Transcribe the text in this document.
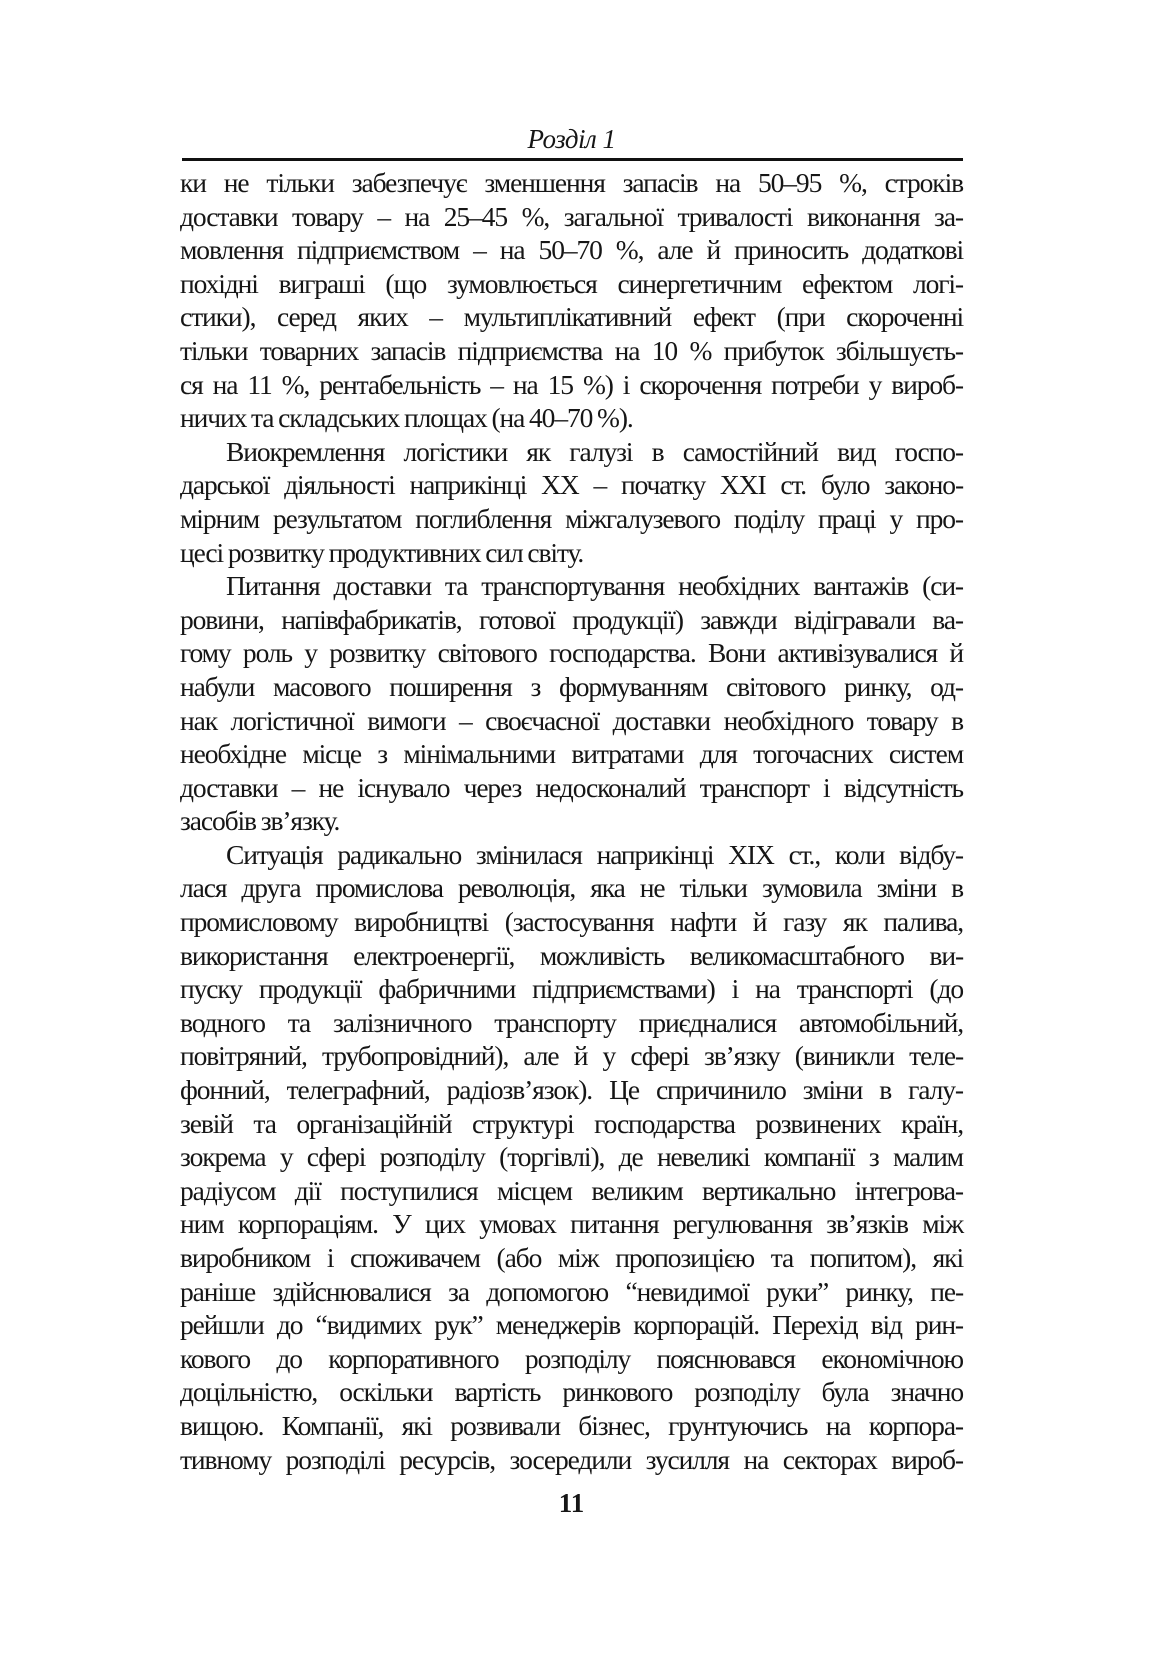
Розділ 1
ки не тільки забезпечує зменшення запасів на 50–95 %, строків
доставки товару – на 25–45 %, загальної тривалості виконання за-
мовлення підприємством – на 50–70 %, але й приносить додаткові
похідні виграші (що зумовлюється синергетичним ефектом логі-
стики), серед яких – мультиплікативний ефект (при скороченні
тільки товарних запасів підприємства на 10 % прибуток збільшуєть-
ся на 11 %, рентабельність – на 15 %) і скорочення потреби у вироб-
ничих та складських площах (на 40–70 %).
Виокремлення логістики як галузі в самостійний вид госпо-
дарської діяльності наприкінці XX – початку XXI ст. було законо-
мірним результатом поглиблення міжгалузевого поділу праці у про-
цесі розвитку продуктивних сил світу.
Питання доставки та транспортування необхідних вантажів (си-
ровини, напівфабрикатів, готової продукції) завжди відігравали ва-
гому роль у розвитку світового господарства. Вони активізувалися й
набули масового поширення з формуванням світового ринку, од-
нак логістичної вимоги – своєчасної доставки необхідного товару в
необхідне місце з мінімальними витратами для тогочасних систем
доставки – не існувало через недосконалий транспорт і відсутність
засобів зв’язку.
Ситуація радикально змінилася наприкінці XIX ст., коли відбу-
лася друга промислова революція, яка не тільки зумовила зміни в
промисловому виробництві (застосування нафти й газу як палива,
використання електроенергії, можливість великомасштабного ви-
пуску продукції фабричними підприємствами) і на транспорті (до
водного та залізничного транспорту приєдналися автомобільний,
повітряний, трубопровідний), але й у сфері зв’язку (виникли теле-
фонний, телеграфний, радіозв’язок). Це спричинило зміни в галу-
зевій та організаційній структурі господарства розвинених країн,
зокрема у сфері розподілу (торгівлі), де невеликі компанії з малим
радіусом дії поступилися місцем великим вертикально інтегрова-
ним корпораціям. У цих умовах питання регулювання зв’язків між
виробником і споживачем (або між пропозицією та попитом), які
раніше здійснювалися за допомогою “невидимої руки” ринку, пе-
рейшли до “видимих рук” менеджерів корпорацій. Перехід від рин-
кового до корпоративного розподілу пояснювався економічною
доцільністю, оскільки вартість ринкового розподілу була значно
вищою. Компанії, які розвивали бізнес, грунтуючись на корпора-
тивному розподілі ресурсів, зосередили зусилля на секторах вироб-
11
